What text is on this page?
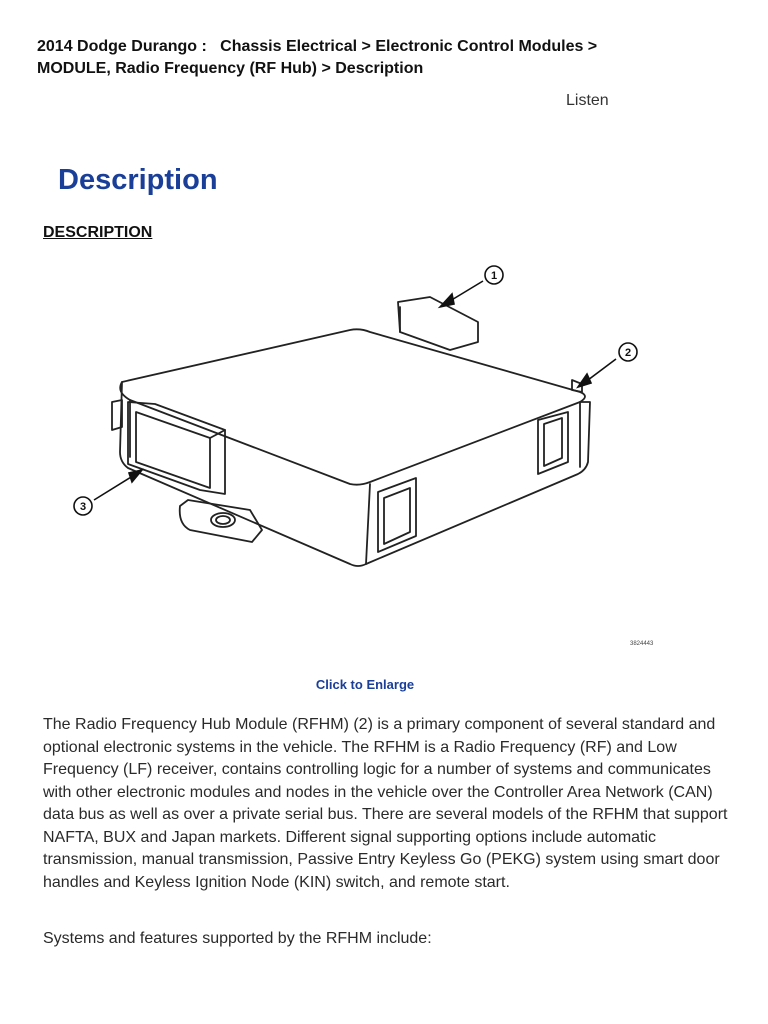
2014 Dodge Durango :   Chassis Electrical > Electronic Control Modules >
MODULE, Radio Frequency (RF Hub) > Description
Listen
Description
DESCRIPTION
1
2
3
3824443
Click to Enlarge

The Radio Frequency Hub Module (RFHM) (2) is a primary component of several standard and optional electronic systems in the vehicle. The RFHM is a Radio Frequency (RF) and Low Frequency (LF) receiver, contains controlling logic for a number of systems and communicates with other electronic modules and nodes in the vehicle over the Controller Area Network (CAN) data bus as well as over a private serial bus. There are several models of the RFHM that support NAFTA, BUX and Japan markets. Different signal supporting options include automatic transmission, manual transmission, Passive Entry Keyless Go (PEKG) system using smart door handles and Keyless Ignition Node (KIN) switch, and remote start.

Systems and features supported by the RFHM include:
